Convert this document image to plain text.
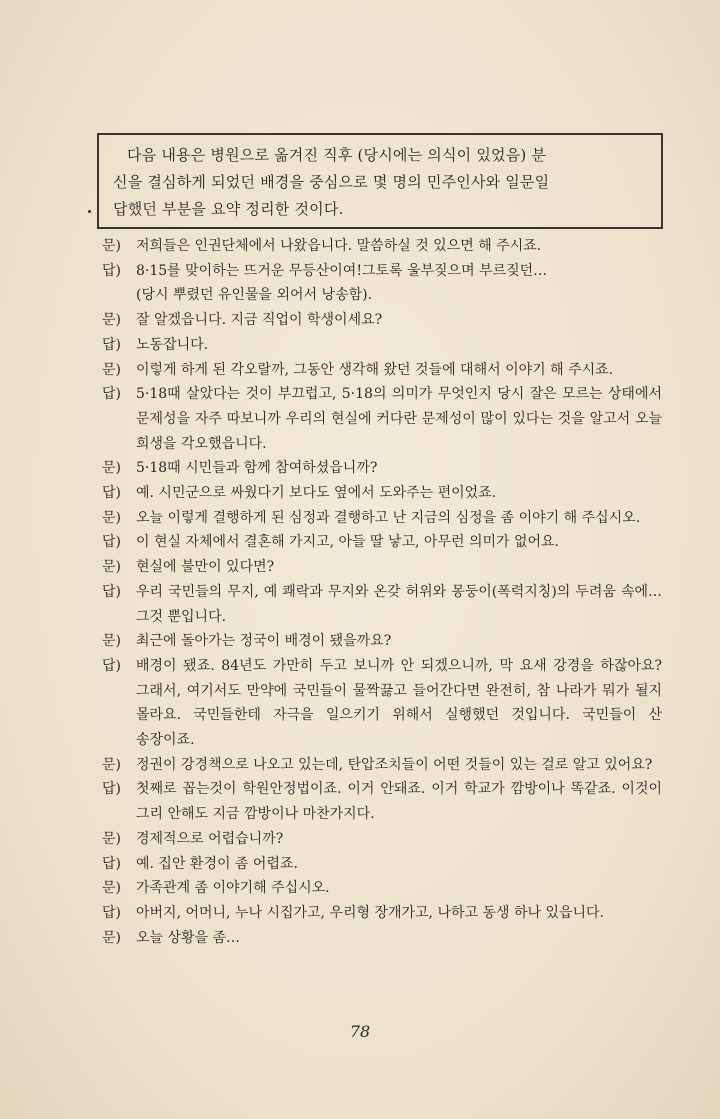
다음 내용은 병원으로 옮겨진 직후 (당시에는 의식이 있었음) 분
신을 결심하게 되었던 배경을 중심으로 몇 명의 민주인사와 일문일
답했던 부분을 요약 정리한 것이다.
문)	저희들은 인권단체에서 나왔읍니다. 말씀하실 것 있으면 해 주시죠.
답)	8·15를 맞이하는 뜨거운 무등산이여!그토록 울부짖으며 부르짖던…
(당시 뿌렸던 유인물을 외어서 낭송함).
문)	잘 알겠읍니다. 지금 직업이 학생이세요?
답)	노동잡니다.
문)	이렇게 하게 된 각오랄까, 그동안 생각해 왔던 것들에 대해서 이야기 해 주시죠.
답)	5·18때 살았다는 것이 부끄럽고, 5·18의 의미가 무엇인지 당시 잘은 모르는 상태에서 문제성을 자주 따보니까 우리의 현실에 커다란 문제성이 많이 있다는 것을 알고서 오늘 희생을 각오했읍니다.
문)	5·18때 시민들과 함께 참여하셨읍니까?
답)	예. 시민군으로 싸웠다기 보다도 옆에서 도와주는 편이었죠.
문)	오늘 이렇게 결행하게 된 심정과 결행하고 난 지금의 심정을 좀 이야기 해 주십시오.
답)	이 현실 자체에서 결혼해 가지고, 아들 딸 낳고, 아무런 의미가 없어요.
문)	현실에 불만이 있다면?
답)	우리 국민들의 무지, 예 쾌락과 무지와 온갖 허위와 몽둥이(폭력지칭)의 두려움 속에…그것 뿐입니다.
문)	최근에 돌아가는 정국이 배경이 됐을까요?
답)	배경이 됐죠. 84년도 가만히 두고 보니까 안 되겠으니까, 막 요새 강경을 하잖아요? 그래서, 여기서도 만약에 국민들이 물짝끓고 들어간다면 완전히, 참 나라가 뭐가 될지 몰라요. 국민들한테 자극을 일으키기 위해서 실행했던 것입니다. 국민들이 산 송장이죠.
문)	정권이 강경책으로 나오고 있는데, 탄압조치들이 어떤 것들이 있는 걸로 알고 있어요?
답)	첫째로 꼽는것이 학원안정법이죠. 이거 안돼죠. 이거 학교가 깜방이나 똑같죠. 이것이 그리 안해도 지금 깜방이나 마찬가지다.
문)	경제적으로 어렵습니까?
답)	예. 집안 환경이 좀 어렵죠.
문)	가족관계 좀 이야기해 주십시오.
답)	아버지, 어머니, 누나 시집가고, 우리형 장개가고, 나하고 동생 하나 있읍니다.
문)	오늘 상황을 좀…
78
